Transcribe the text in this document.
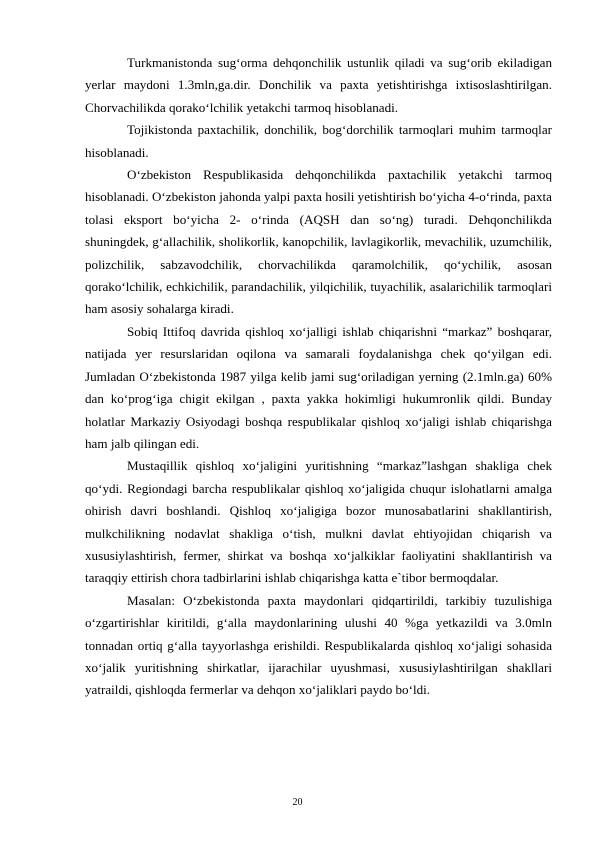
Turkmanistonda sug‘orma dehqonchilik ustunlik qiladi va sug‘orib ekiladigan yerlar maydoni 1.3mln,ga.dir. Donchilik va paxta yetishtirishga ixtisoslashtirilgan. Chorvachilikda qorako‘lchilik yetakchi tarmoq hisoblanadi.

Tojikistonda paxtachilik, donchilik, bog‘dorchilik tarmoqlari muhim tarmoqlar hisoblanadi.

O‘zbekiston Respublikasida dehqonchilikda paxtachilik yetakchi tarmoq hisoblanadi. O‘zbekiston jahonda yalpi paxta hosili yetishtirish bo‘yicha 4-o‘rinda, paxta tolasi eksport bo‘yicha 2- o‘rinda (AQSH dan so‘ng) turadi. Dehqonchilikda shuningdek, g‘allachilik, sholikorlik, kanopchilik, lavlagikorlik, mevachilik, uzumchilik, polizchilik, sabzavodchilik, chorvachilikda qaramolchilik, qo‘ychilik, asosan qorako‘lchilik, echkichilik, parandachilik, yilqichilik, tuyachilik, asalarichilik tarmoqlari ham asosiy sohalarga kiradi.

Sobiq Ittifoq davrida qishloq xo‘jalligi ishlab chiqarishni “markaz” boshqarar, natijada yer resurslaridan oqilona va samarali foydalanishga chek qo‘yilgan edi. Jumladan O‘zbekistonda 1987 yilga kelib jami sug‘oriladigan yerning (2.1mln.ga) 60% dan ko‘prog‘iga chigit ekilgan , paxta yakka hokimligi hukumronlik qildi. Bunday holatlar Markaziy Osiyodagi boshqa respublikalar qishloq xo‘jaligi ishlab chiqarishga ham jalb qilingan edi.

Mustaqillik qishloq xo‘jaligini yuritishning “markaz”lashgan shakliga chek qo‘ydi. Regiondagi barcha respublikalar qishloq xo‘jaligida chuqur islohatlarni amalga ohirish davri boshlandi. Qishloq xo‘jaligiga bozor munosabatlarini shakllantirish, mulkchilikning nodavlat shakliga o‘tish, mulkni davlat ehtiyojidan chiqarish va xususiylashtirish, fermer, shirkat va boshqa xo‘jalkiklar faoliyatini shakllantirish va taraqqiy ettirish chora tadbirlarini ishlab chiqarishga katta e`tibor bermoqdalar.

Masalan: O‘zbekistonda paxta maydonlari qidqartirildi, tarkibiy tuzulishiga o‘zgartirishlar kiritildi, g‘alla maydonlarining ulushi 40 %ga yetkazildi va 3.0mln tonnadan ortiq g‘alla tayyorlashga erishildi. Respublikalarda qishloq xo‘jaligi sohasida xo‘jalik yuritishning shirkatlar, ijarachilar uyushmasi, xususiylashtirilgan shakllari yatraildi, qishloqda fermerlar va dehqon xo‘jaliklari paydo bo‘ldi.

20
